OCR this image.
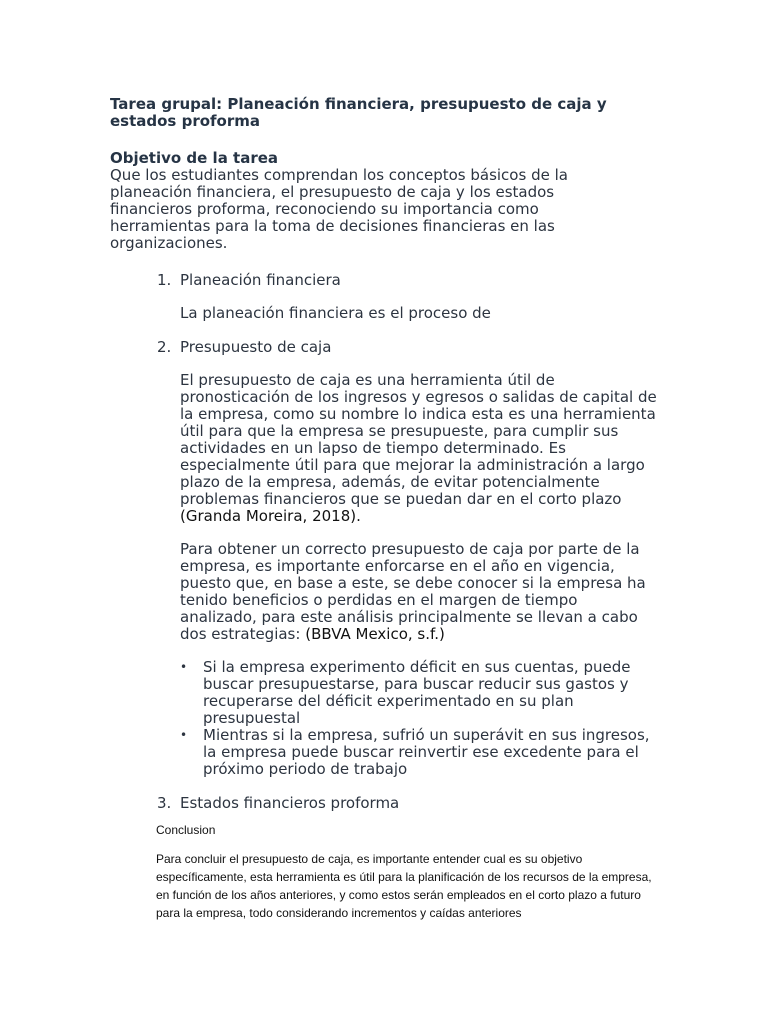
Tarea grupal: Planeación financiera, presupuesto de caja y estados proforma
Objetivo de la tarea

Que los estudiantes comprendan los conceptos básicos de la planeación financiera, el presupuesto de caja y los estados financieros proforma, reconociendo su importancia como herramientas para la toma de decisiones financieras en las organizaciones.

1. Planeación financiera

La planeación financiera es el proceso de

2. Presupuesto de caja

El presupuesto de caja es una herramienta útil de pronosticación de los ingresos y egresos o salidas de capital de la empresa, como su nombre lo indica esta es una herramienta útil para que la empresa se presupueste, para cumplir sus actividades en un lapso de tiempo determinado. Es especialmente útil para que mejorar la administración a largo plazo de la empresa, además, de evitar potencialmente problemas financieros que se puedan dar en el corto plazo (Granda Moreira, 2018).

Para obtener un correcto presupuesto de caja por parte de la empresa, es importante enforcarse en el año en vigencia, puesto que, en base a este, se debe conocer si la empresa ha tenido beneficios o perdidas en el margen de tiempo analizado, para este análisis principalmente se llevan a cabo dos estrategias: (BBVA Mexico, s.f.)

• Si la empresa experimento déficit en sus cuentas, puede buscar presupuestarse, para buscar reducir sus gastos y recuperarse del déficit experimentado en su plan presupuestal
• Mientras si la empresa, sufrió un superávit en sus ingresos, la empresa puede buscar reinvertir ese excedente para el próximo periodo de trabajo
3. Estados financieros proforma

Conclusion

Para concluir el presupuesto de caja, es importante entender cual es su objetivo específicamente, esta herramienta es útil para la planificación de los recursos de la empresa, en función de los años anteriores, y como estos serán empleados en el corto plazo a futuro para la empresa, todo considerando incrementos y caídas anteriores
